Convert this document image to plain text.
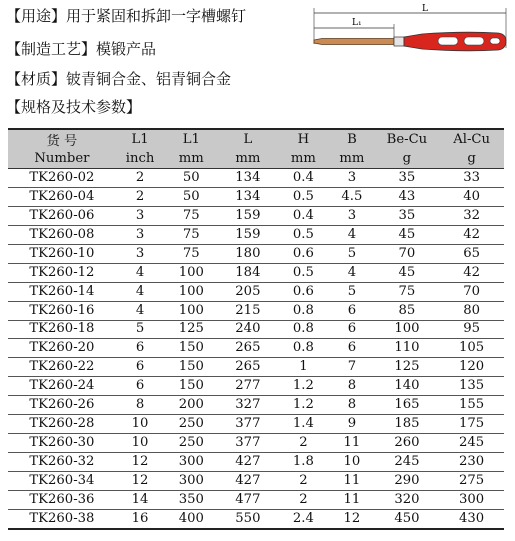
【用途】用于紧固和拆卸一字槽螺钉
【制造工艺】模锻产品
【材质】铍青铜合金、铝青铜合金
【规格及技术参数】
L
L₁
货 号	L1	L1	L	H	B	Be-Cu	Al-Cu
Number	inch	mm	mm	mm	mm	g	g
TK260-02	2	50	134	0.4	3	35	33
TK260-04	2	50	134	0.5	4.5	43	40
TK260-06	3	75	159	0.4	3	35	32
TK260-08	3	75	159	0.5	4	45	42
TK260-10	3	75	180	0.6	5	70	65
TK260-12	4	100	184	0.5	4	45	42
TK260-14	4	100	205	0.6	5	75	70
TK260-16	4	100	215	0.8	6	85	80
TK260-18	5	125	240	0.8	6	100	95
TK260-20	6	150	265	0.8	6	110	105
TK260-22	6	150	265	1	7	125	120
TK260-24	6	150	277	1.2	8	140	135
TK260-26	8	200	327	1.2	8	165	155
TK260-28	10	250	377	1.4	9	185	175
TK260-30	10	250	377	2	11	260	245
TK260-32	12	300	427	1.8	10	245	230
TK260-34	12	300	427	2	11	290	275
TK260-36	14	350	477	2	11	320	300
TK260-38	16	400	550	2.4	12	450	430
